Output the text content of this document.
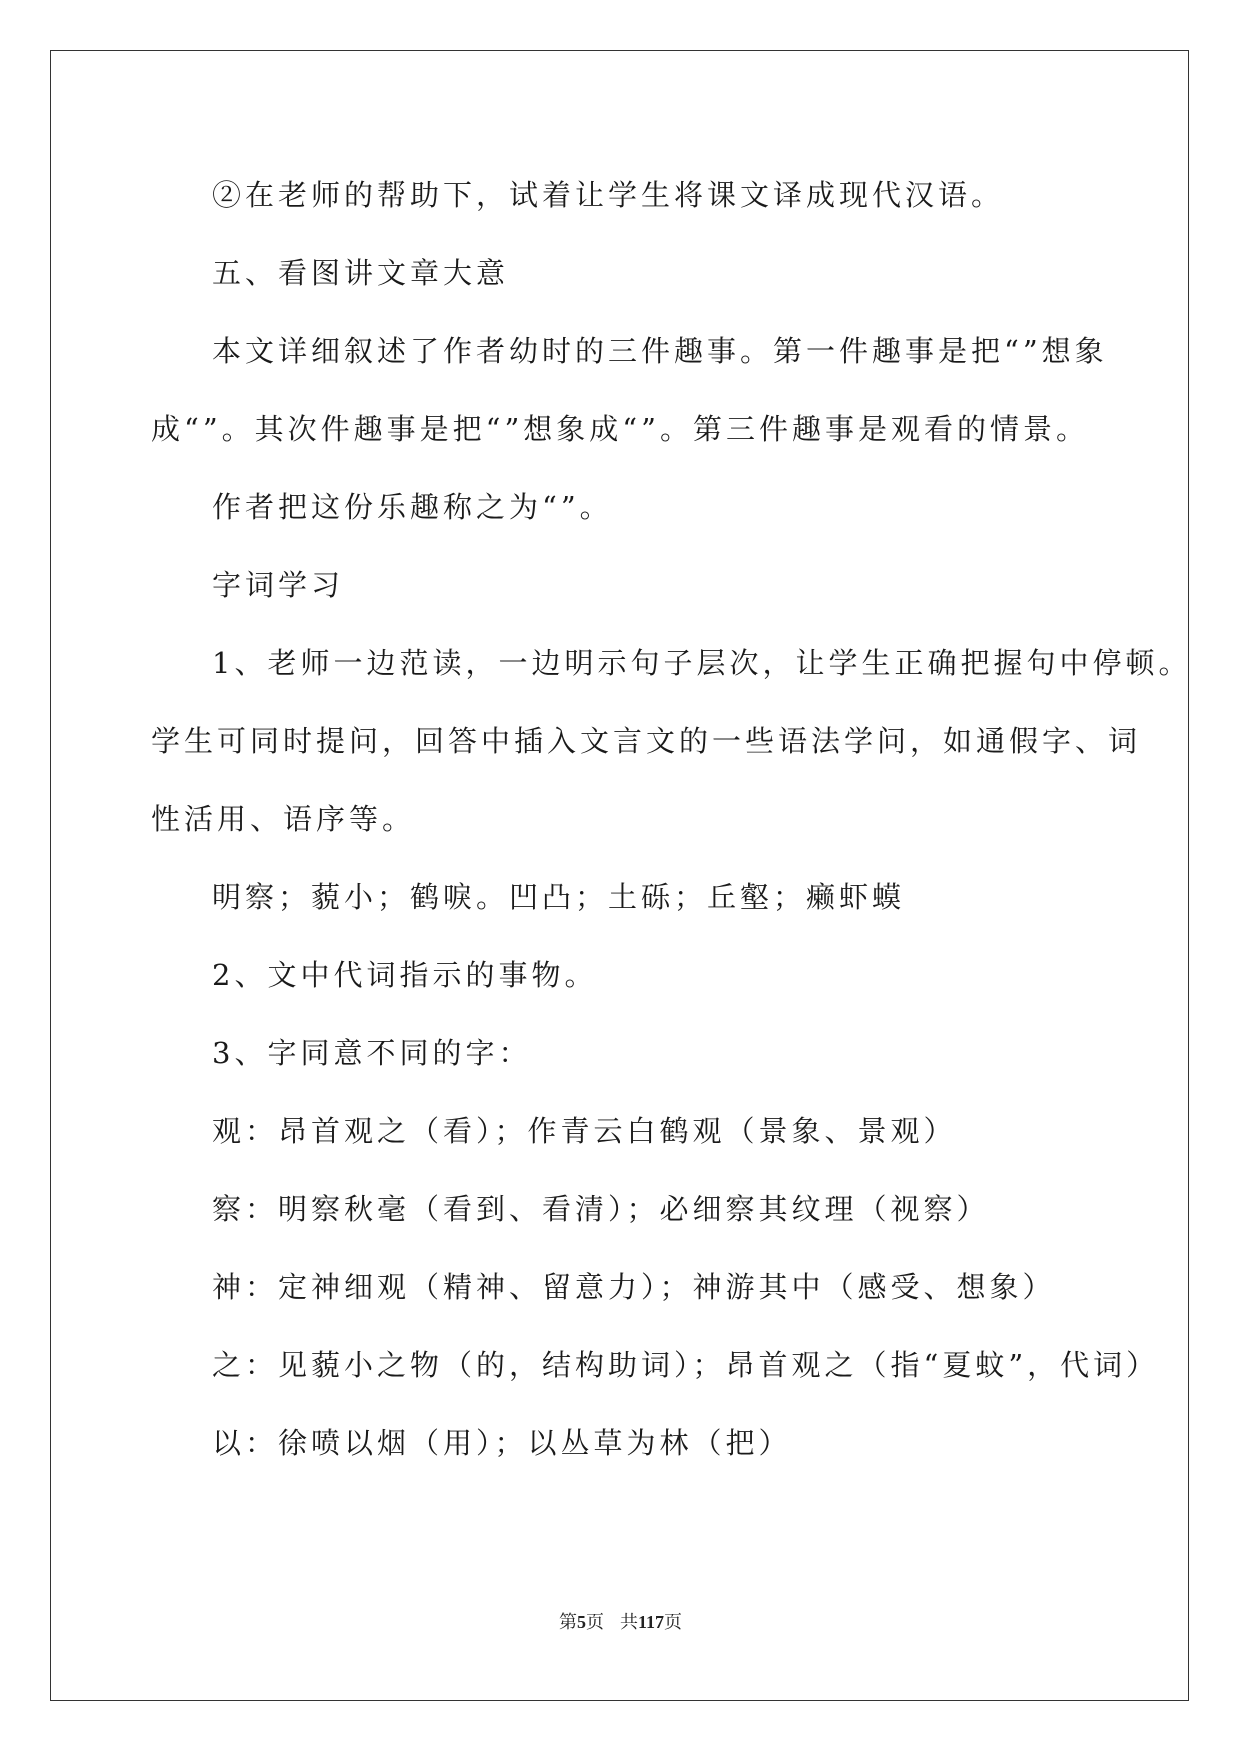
②在老师的帮助下，试着让学生将课文译成现代汉语。

五、看图讲文章大意

本文详细叙述了作者幼时的三件趣事。第一件趣事是把“”想象

成“”。其次件趣事是把“”想象成“”。第三件趣事是观看的情景。

作者把这份乐趣称之为“”。

字词学习

1、老师一边范读，一边明示句子层次，让学生正确把握句中停顿。

学生可同时提问，回答中插入文言文的一些语法学问，如通假字、词

性活用、语序等。

明察；藐小；鹤唳。凹凸；土砾；丘壑；癞虾蟆

2、文中代词指示的事物。

3、字同意不同的字：

观：昂首观之（看）；作青云白鹤观（景象、景观）

察：明察秋毫（看到、看清）；必细察其纹理（视察）

神：定神细观（精神、留意力）；神游其中（感受、想象）

之：见藐小之物（的，结构助词）；昂首观之（指“夏蚊”，代词）

以：徐喷以烟（用）；以丛草为林（把）

第5页 共117页
